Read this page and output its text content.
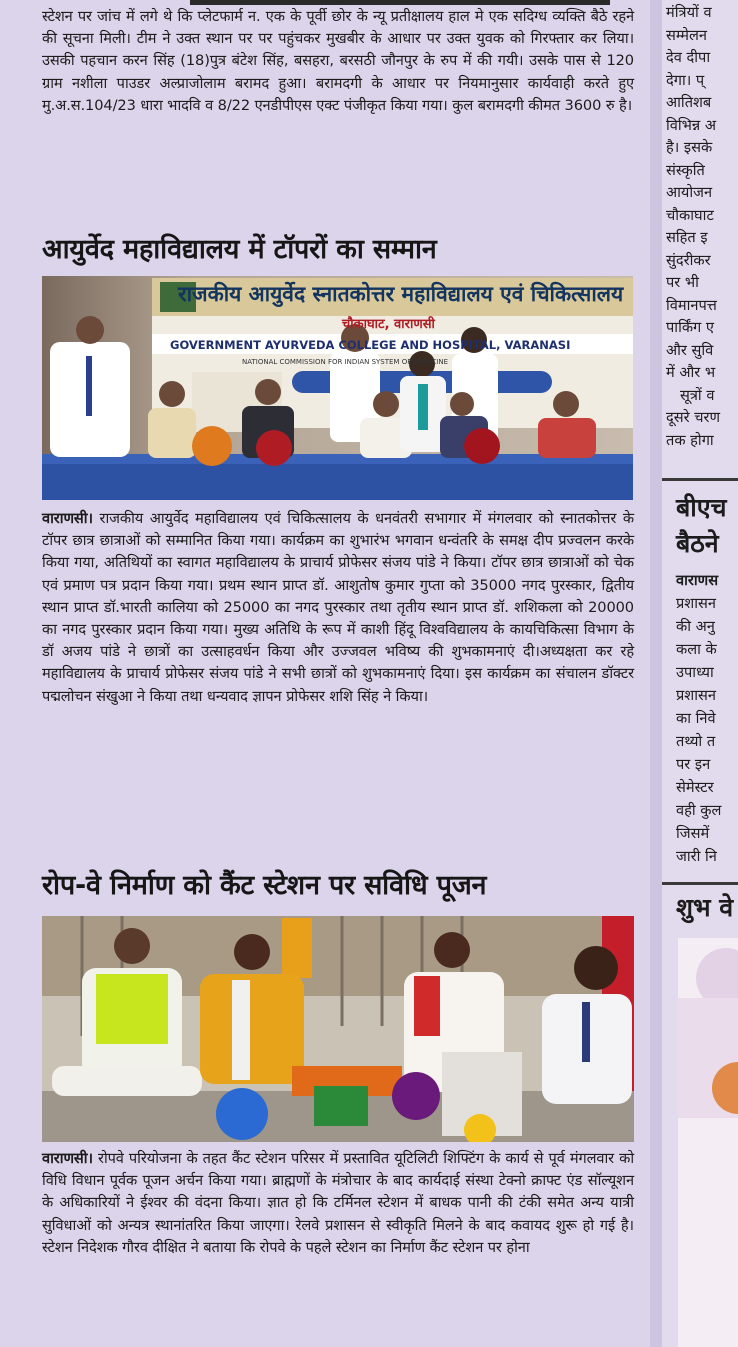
स्टेशन पर जांच में लगे थे कि प्लेटफार्म न. एक के पूर्वी छोर के न्यू प्रतीक्षालय हाल मे एक सदिग्ध व्यक्ति बैठे रहने की सूचना मिली। टीम ने उक्त स्थान पर पर पहुंचकर मुखबीर के आधार पर उक्त युवक को गिरफ्तार कर लिया। उसकी पहचान करन सिंह (18)पुत्र बंटेश सिंह, बसहरा, बरसठी जौनपुर के रुप में की गयी। उसके पास से 120 ग्राम नशीला पाउडर अल्प्राजोलाम बरामद हुआ। बरामदगी के आधार पर नियमानुसार कार्यवाही करते हुए मु.अ.स.104/23 धारा भादवि व 8/22 एनडीपीएस एक्ट पंजीकृत किया गया। कुल बरामदगी कीमत 3600 रु है।

आयुर्वेद महाविद्यालय में टॉपरों का सम्मान
राजकीय आयुर्वेद स्नातकोत्तर महाविद्यालय एवं चिकित्सालय
चौकाघाट, वाराणसी
GOVERNMENT AYURVEDA COLLEGE AND HOSPITAL, VARANASI
NATIONAL COMMISSION FOR INDIAN SYSTEM OF MEDICINE

वाराणसी। राजकीय आयुर्वेद महाविद्यालय एवं चिकित्सालय के धनवंतरी सभागार में मंगलवार को स्नातकोत्तर के टॉपर छात्र छात्राओं को सम्मानित किया गया। कार्यक्रम का शुभारंभ भगवान धन्वंतरि के समक्ष दीप प्रज्वलन करके किया गया, अतिथियों का स्वागत महाविद्यालय के प्राचार्य प्रोफेसर संजय पांडे ने किया। टॉपर छात्र छात्राओं को चेक एवं प्रमाण पत्र प्रदान किया गया। प्रथम स्थान प्राप्त डॉ. आशुतोष कुमार गुप्ता को 35000 नगद पुरस्कार, द्वितीय स्थान प्राप्त डॉ.भारती कालिया को 25000 का नगद पुरस्कार तथा तृतीय स्थान प्राप्त डॉ. शशिकला को 20000 का नगद पुरस्कार प्रदान किया गया। मुख्य अतिथि के रूप में काशी हिंदू विश्वविद्यालय के कायचिकित्सा विभाग के डॉ अजय पांडे ने छात्रों का उत्साहवर्धन किया और उज्जवल भविष्य की शुभकामनाएं दी।अध्यक्षता कर रहे महाविद्यालय के प्राचार्य प्रोफेसर संजय पांडे ने सभी छात्रों को शुभकामनाएं दिया। इस कार्यक्रम का संचालन डॉक्टर पद्मलोचन संखुआ ने किया तथा धन्यवाद ज्ञापन प्रोफेसर शशि सिंह ने किया।

रोप-वे निर्माण को कैंट स्टेशन पर सविधि पूजन

वाराणसी। रोपवे परियोजना के तहत कैंट स्टेशन परिसर में प्रस्तावित यूटिलिटी शिफ्टिंग के कार्य से पूर्व मंगलवार को विधि विधान पूर्वक पूजन अर्चन किया गया। ब्राह्मणों के मंत्रोचार के बाद कार्यदाई संस्था टेक्नो क्राफ्ट एंड सॉल्यूशन के अधिकारियों ने ईश्वर की वंदना किया। ज्ञात हो कि टर्मिनल स्टेशन में बाधक पानी की टंकी समेत अन्य यात्री सुविधाओं को अन्यत्र स्थानांतरित किया जाएगा। रेलवे प्रशासन से स्वीकृति मिलने के बाद कवायद शुरू हो गई है। स्टेशन निदेशक गौरव दीक्षित ने बताया कि रोपवे के पहले स्टेशन का निर्माण कैंट स्टेशन पर होना

मंत्रियों व
सम्मेलन
देव दीपा
देगा। प्
आतिशब
विभिन्न अ
है। इसके
संस्कृति
आयोजन
चौकाघाट
सहित इ
सुंदरीकर
पर भी
विमानपत्त
पार्किंग ए
और सुवि
में और भ
सूत्रों व
दूसरे चरण
तक होगा
बीएच
बैठने
वाराणस
प्रशासन
की अनु
कला के
उपाध्या
प्रशासन
का निवे
तथ्यो त
पर इन
सेमेस्टर
वही कुल
जिसमें
जारी नि
शुभ वे
